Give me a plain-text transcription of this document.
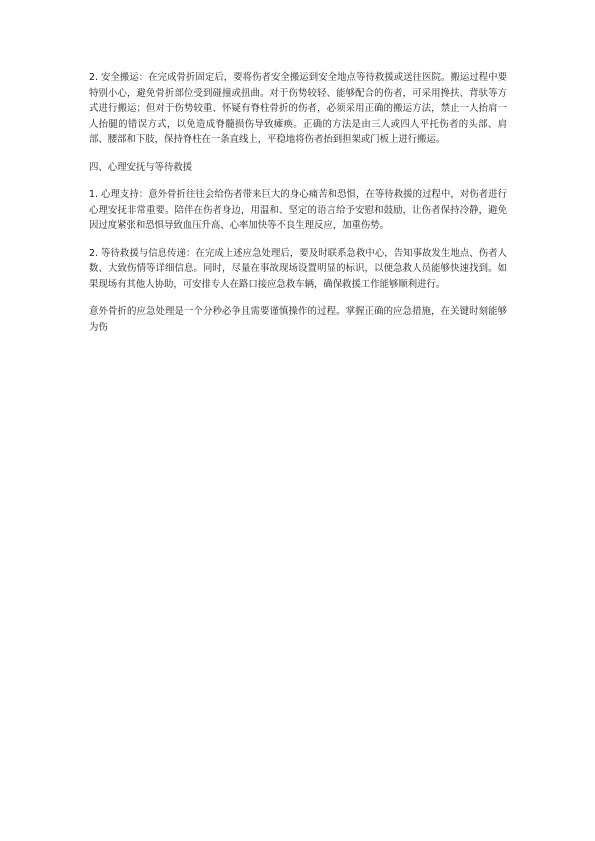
2. 安全搬运：在完成骨折固定后，要将伤者安全搬运到安全地点等待救援或送往医院。搬运过程中要特别小心，避免骨折部位受到碰撞或扭曲。对于伤势较轻、能够配合的伤者，可采用搀扶、背驮等方式进行搬运；但对于伤势较重、怀疑有脊柱骨折的伤者，必须采用正确的搬运方法，禁止一人抬肩一人抬腿的错误方式，以免造成脊髓损伤导致瘫痪。正确的方法是由三人或四人平托伤者的头部、肩部、腰部和下肢，保持脊柱在一条直线上，平稳地将伤者抬到担架或门板上进行搬运。

四、心理安抚与等待救援

1. 心理支持：意外骨折往往会给伤者带来巨大的身心痛苦和恐惧，在等待救援的过程中，对伤者进行心理安抚非常重要。陪伴在伤者身边，用温和、坚定的语言给予安慰和鼓励，让伤者保持冷静，避免因过度紧张和恐惧导致血压升高、心率加快等不良生理反应，加重伤势。

2. 等待救援与信息传递：在完成上述应急处理后，要及时联系急救中心，告知事故发生地点、伤者人数、大致伤情等详细信息。同时，尽量在事故现场设置明显的标识，以便急救人员能够快速找到。如果现场有其他人协助，可安排专人在路口接应急救车辆，确保救援工作能够顺利进行。

意外骨折的应急处理是一个分秒必争且需要谨慎操作的过程。掌握正确的应急措施，在关键时刻能够为伤
